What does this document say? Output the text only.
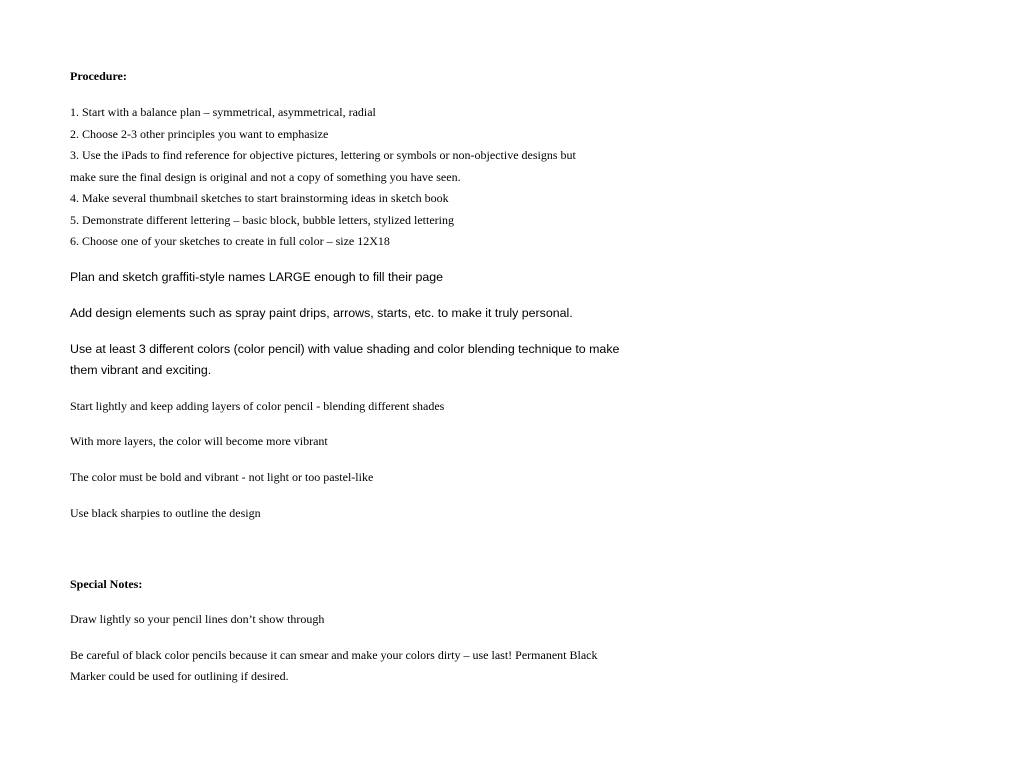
Procedure:
1. Start with a balance plan – symmetrical, asymmetrical, radial
2. Choose 2-3 other principles you want to emphasize
3. Use the iPads to find reference for objective pictures, lettering or symbols or non-objective designs but
make sure the final design is original and not a copy of something you have seen.
4. Make several thumbnail sketches to start brainstorming ideas in sketch book
5. Demonstrate different lettering – basic block, bubble letters, stylized lettering
6. Choose one of your sketches to create in full color – size 12X18
Plan and sketch graffiti-style names LARGE enough to fill their page
Add design elements such as spray paint drips, arrows, starts, etc. to make it truly personal.
Use at least 3 different colors (color pencil) with value shading and color blending technique to make
them vibrant and exciting.
Start lightly and keep adding layers of color pencil - blending different shades
With more layers, the color will become more vibrant
The color must be bold and vibrant - not light or too pastel-like
Use black sharpies to outline the design
Special Notes:
Draw lightly so your pencil lines don’t show through
Be careful of black color pencils because it can smear and make your colors dirty – use last! Permanent Black
Marker could be used for outlining if desired.
